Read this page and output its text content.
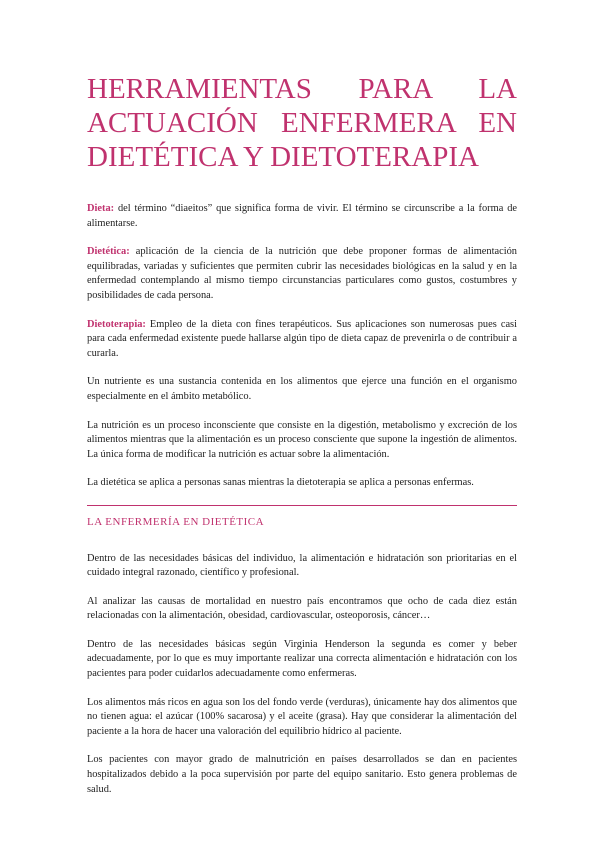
HERRAMIENTAS PARA LA
ACTUACIÓN ENFERMERA EN
DIETÉTICA Y DIETOTERAPIA

Dieta: del término “diaeitos” que significa forma de vivir. El término se circunscribe a la forma de alimentarse.

Dietética: aplicación de la ciencia de la nutrición que debe proponer formas de alimentación equilibradas, variadas y suficientes que permiten cubrir las necesidades biológicas en la salud y en la enfermedad contemplando al mismo tiempo circunstancias particulares como gustos, costumbres y posibilidades de cada persona.

Dietoterapia: Empleo de la dieta con fines terapéuticos. Sus aplicaciones son numerosas pues casi para cada enfermedad existente puede hallarse algún tipo de dieta capaz de prevenirla o de contribuir a curarla.

Un nutriente es una sustancia contenida en los alimentos que ejerce una función en el organismo especialmente en el ámbito metabólico.

La nutrición es un proceso inconsciente que consiste en la digestión, metabolismo y excreción de los alimentos mientras que la alimentación es un proceso consciente que supone la ingestión de alimentos. La única forma de modificar la nutrición es actuar sobre la alimentación.

La dietética se aplica a personas sanas mientras la dietoterapia se aplica a personas enfermas.

LA ENFERMERÍA EN DIETÉTICA

Dentro de las necesidades básicas del individuo, la alimentación e hidratación son prioritarias en el cuidado integral razonado, científico y profesional.

Al analizar las causas de mortalidad en nuestro país encontramos que ocho de cada diez están relacionadas con la alimentación, obesidad, cardiovascular, osteoporosis, cáncer…

Dentro de las necesidades básicas según Virginia Henderson la segunda es comer y beber adecuadamente, por lo que es muy importante realizar una correcta alimentación e hidratación con los pacientes para poder cuidarlos adecuadamente como enfermeras.

Los alimentos más ricos en agua son los del fondo verde (verduras), únicamente hay dos alimentos que no tienen agua: el azúcar (100% sacarosa) y el aceite (grasa). Hay que considerar la alimentación del paciente a la hora de hacer una valoración del equilibrio hídrico al paciente.

Los pacientes con mayor grado de malnutrición en países desarrollados se dan en pacientes hospitalizados debido a la poca supervisión por parte del equipo sanitario. Esto genera problemas de salud.
